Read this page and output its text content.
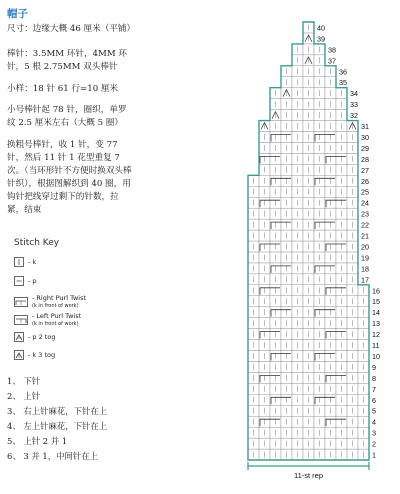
帽子
尺寸：边缘大概 46 厘米（平铺）
棒针：3.5MM 环针，4MM 环针，5 根 2.75MM 双头棒针
小样：18 针 61 行=10 厘米
小号棒针起 78 针，圈织，单罗纹 2.5 厘米左右（大概 5 圈）
换粗号棒针，收 1 针，变 77 针，然后 11 针 1 花型重复 7 次。（当环形针不方便时换双头棒针织），根据图解织到 40 圈，用钩针把线穿过剩下的针数，拉紧，结束
Stitch Key
- k
- p
- Right Purl Twist
(k in front of work)
- Left Purl Twist
(k in front of work)
- p 2 tog
- k 3 tog
1、 下针
2、 上针
3、 右上针麻花，下针在上
4、 左上针麻花，下针在上
5、 上针 2 并 1
6、 3 并 1，中间针在上	1
2
3
4
5
6
7
8
9
10
11
12
13
14
15
16
17
18
19
20
21
22
23
24
25
26
27
28
29
30
31
32
33
34
35
36
37
38
39
40
11-st rep
